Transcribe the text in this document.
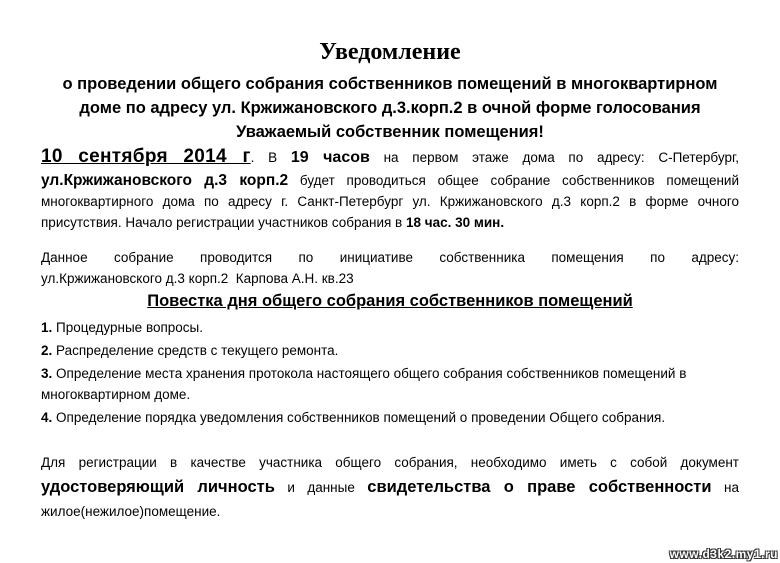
Уведомление
о проведении общего собрания собственников помещений в многоквартирном
доме по адресу ул. Кржижановского д.3.корп.2 в очной форме голосования
Уважаемый собственник помещения!
10 сентября 2014 г. В 19 часов на первом этаже дома по адресу: С-Петербург,
ул.Кржижановского д.3 корп.2 будет проводиться общее собрание собственников помещений
многоквартирного дома по адресу г. Санкт-Петербург ул. Кржижановского д.3 корп.2 в форме очного
присутствия. Начало регистрации участников собрания в 18 час. 30 мин.
Данное собрание проводится по инициативе собственника помещения по адресу:
ул.Кржижановского д.3 корп.2  Карпова А.Н. кв.23
Повестка дня общего собрания собственников помещений
1. Процедурные вопросы.
2. Распределение средств с текущего ремонта.
3. Определение места хранения протокола настоящего общего собрания собственников помещений в многоквартирном доме.
4. Определение порядка уведомления собственников помещений о проведении Общего собрания.
Для регистрации в качестве участника общего собрания, необходимо иметь с собой документ
удостоверяющий личность и данные свидетельства о праве собственности на
жилое(нежилое)помещение.
www.d3k2.my1.ru
